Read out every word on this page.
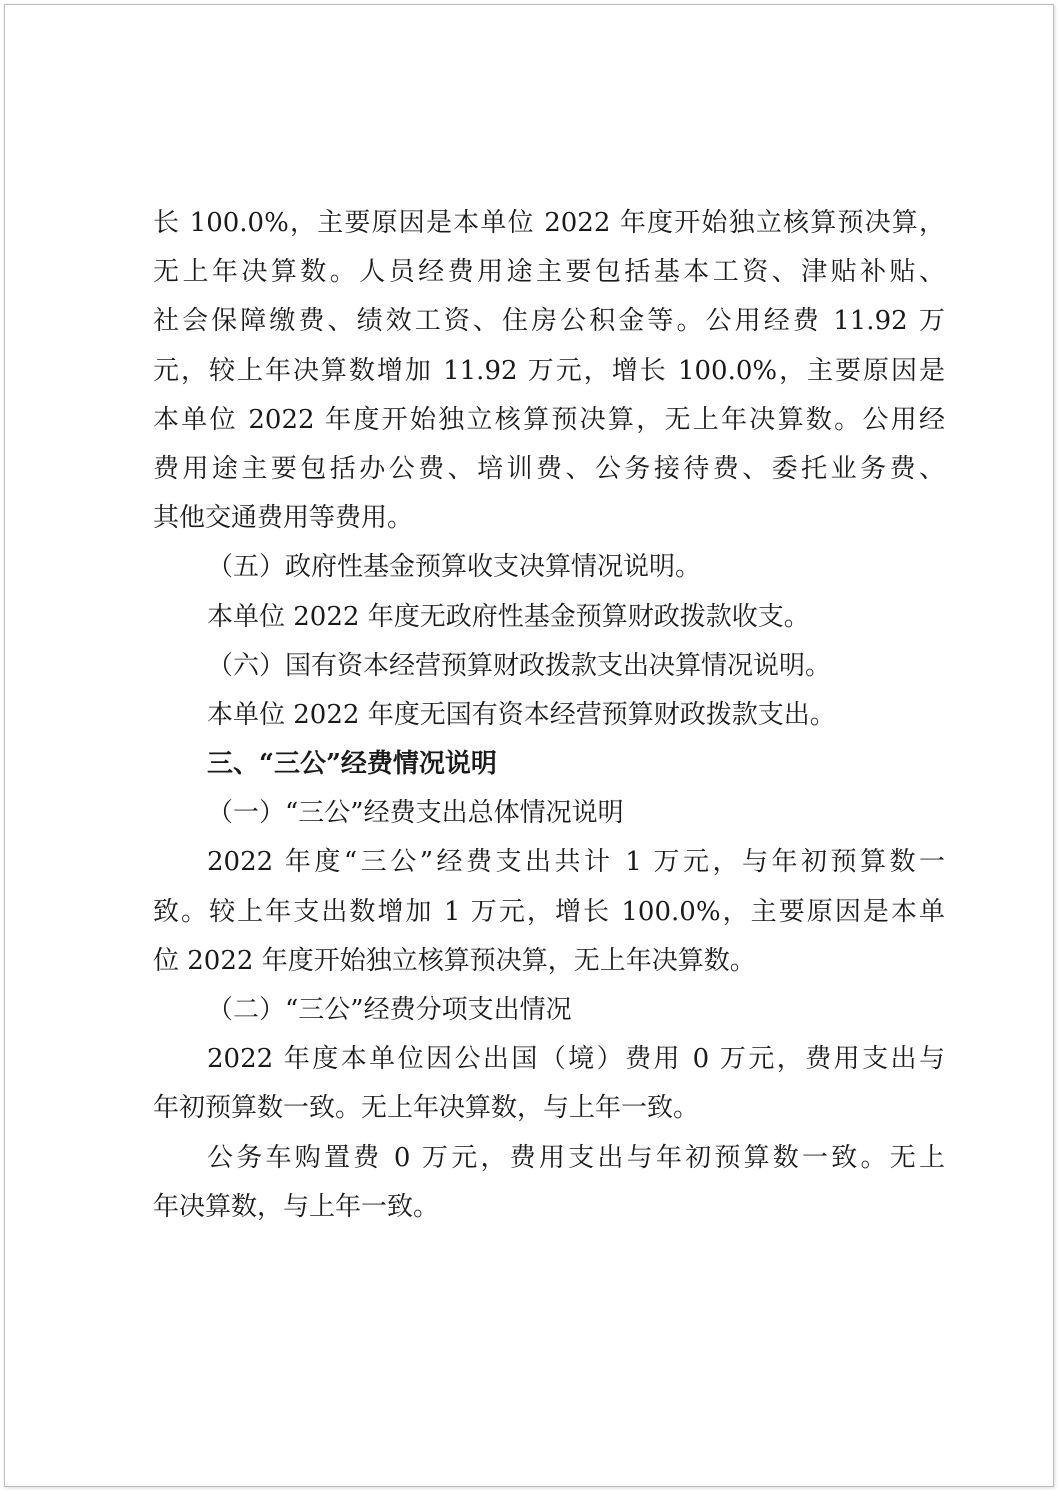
长 100.0%，主要原因是本单位 2022 年度开始独立核算预决算，
无上年决算数。人员经费用途主要包括基本工资、津贴补贴、
社会保障缴费、绩效工资、住房公积金等。公用经费 11.92 万
元，较上年决算数增加 11.92 万元，增长 100.0%，主要原因是
本单位 2022 年度开始独立核算预决算，无上年决算数。公用经
费用途主要包括办公费、培训费、公务接待费、委托业务费、
其他交通费用等费用。
（五）政府性基金预算收支决算情况说明。
本单位 2022 年度无政府性基金预算财政拨款收支。
（六）国有资本经营预算财政拨款支出决算情况说明。
本单位 2022 年度无国有资本经营预算财政拨款支出。
三、“三公”经费情况说明
（一）“三公”经费支出总体情况说明
2022 年度“三公”经费支出共计 1 万元，与年初预算数一
致。较上年支出数增加 1 万元，增长 100.0%，主要原因是本单
位 2022 年度开始独立核算预决算，无上年决算数。
（二）“三公”经费分项支出情况
2022 年度本单位因公出国（境）费用 0 万元，费用支出与
年初预算数一致。无上年决算数，与上年一致。
公务车购置费 0 万元，费用支出与年初预算数一致。无上
年决算数，与上年一致。
